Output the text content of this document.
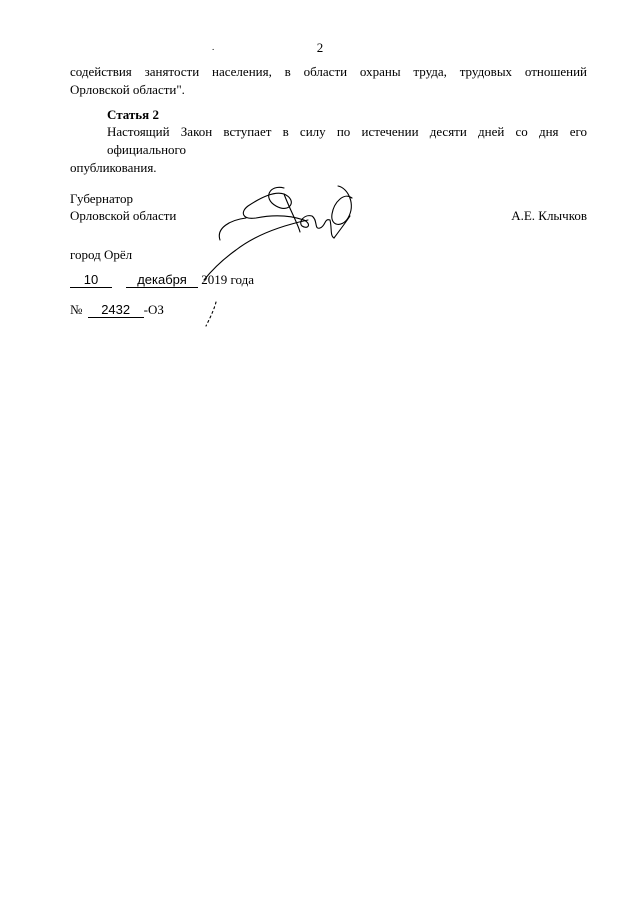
2
.
содействия занятости населения, в области охраны труда, трудовых отношений
Орловской области".
Статья 2
Настоящий Закон вступает в силу по истечении десяти дней со дня его официального
опубликования.
Губернатор
Орловской области	А.Е. Клычков
город Орёл
10	декабря 2019 года
№ 2432 -ОЗ
